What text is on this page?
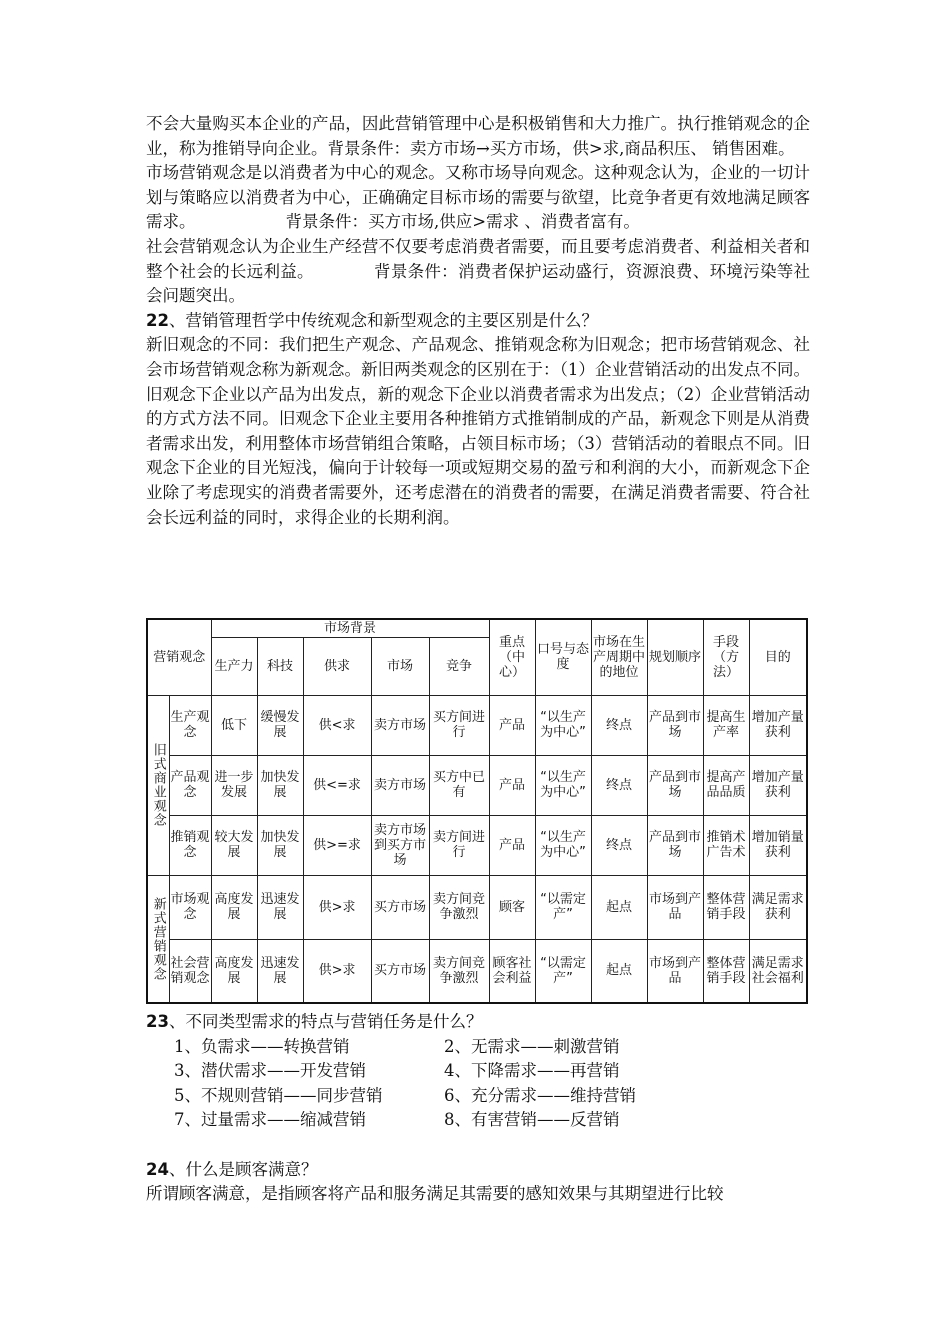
不会大量购买本企业的产品，因此营销管理中心是积极销售和大力推广。执行推销观念的企业，称为推销导向企业。背景条件：卖方市场→买方市场，供>求,商品积压、 销售困难。

市场营销观念是以消费者为中心的观念。又称市场导向观念。这种观念认为，企业的一切计划与策略应以消费者为中心，正确确定目标市场的需要与欲望，比竞争者更有效地满足顾客需求。	背景条件：买方市场,供应>需求 、消费者富有。

社会营销观念认为企业生产经营不仅要考虑消费者需要，而且要考虑消费者、利益相关者和整个社会的长远利益。	背景条件：消费者保护运动盛行，资源浪费、环境污染等社会问题突出。

22、营销管理哲学中传统观念和新型观念的主要区别是什么？

新旧观念的不同：我们把生产观念、产品观念、推销观念称为旧观念；把市场营销观念、社会市场营销观念称为新观念。新旧两类观念的区别在于：（1）企业营销活动的出发点不同。旧观念下企业以产品为出发点，新的观念下企业以消费者需求为出发点；（2）企业营销活动的方式方法不同。旧观念下企业主要用各种推销方式推销制成的产品，新观念下则是从消费者需求出发，利用整体市场营销组合策略，占领目标市场；（3）营销活动的着眼点不同。旧观念下企业的目光短浅，偏向于计较每一项或短期交易的盈亏和利润的大小，而新观念下企业除了考虑现实的消费者需要外，还考虑潜在的消费者的需要，在满足消费者需要、符合社会长远利益的同时，求得企业的长期利润。

营销观念		市场背景					重点（中心）	口号与态度	市场在生产周期中的地位	规划顺序	手段（方法）	目的
		生产力	科技	供求	市场	竞争						

旧式商业观念	生产观念	低下	缓慢发展	供<求	卖方市场	买方间进行	产品	“以生产为中心”	终点	产品到市场	提高生产率	增加产量获利
	产品观念	进一步发展	加快发展	供<=求	卖方市场	买方中已有	产品	“以生产为中心”	终点	产品到市场	提高产品品质	增加产量获利
	推销观念	较大发展	加快发展	供>=求	卖方市场到买方市场	卖方间进行	产品	“以生产为中心”	终点	产品到市场	推销术广告术	增加销量获利

新式营销观念	市场观念	高度发展	迅速发展	供>求	买方市场	卖方间竞争激烈	顾客	“以需定产”	起点	市场到产品	整体营销手段	满足需求获利
	社会营销观念	高度发展	迅速发展	供>求	买方市场	卖方间竞争激烈	顾客社会利益	“以需定产”	起点	市场到产品	整体营销手段	满足需求社会福利

23、不同类型需求的特点与营销任务是什么？

1、负需求——转换营销	2、无需求——刺激营销
3、潜伏需求——开发营销	4、下降需求——再营销
5、不规则营销——同步营销	6、充分需求——维持营销
7、过量需求——缩减营销	8、有害营销——反营销

24、什么是顾客满意？

所谓顾客满意，是指顾客将产品和服务满足其需要的感知效果与其期望进行比较
